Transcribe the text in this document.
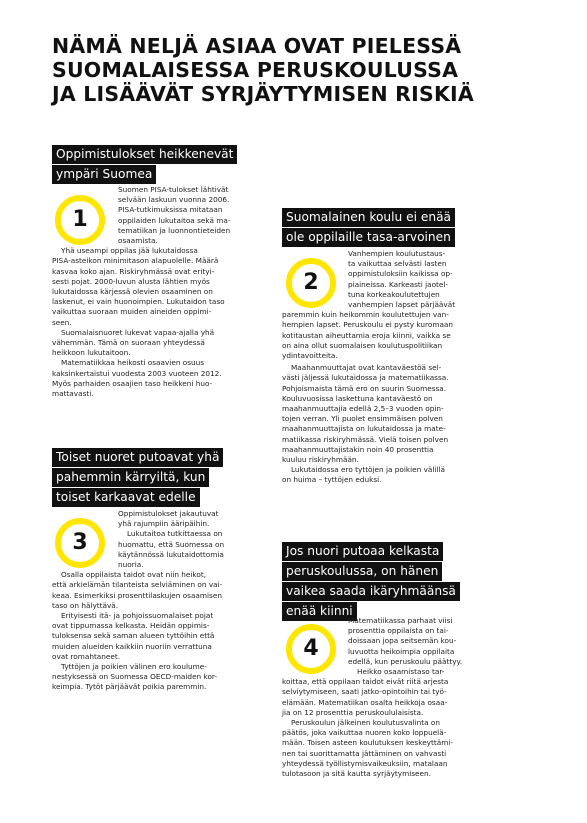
NÄMÄ NELJÄ ASIAA OVAT PIELESSÄ
SUOMALAISESSA PERUSKOULUSSA
JA LISÄÄVÄT SYRJÄYTYMISEN RISKIÄ
Oppimistulokset heikkenevät
ympäri Suomea
1

Suomen PISA-tulokset lähtivät
selvään laskuun vuonna 2006.
PISA-tutkimuksissa mitataan
oppilaiden lukutaitoa sekä ma-
tematiikan ja luonnontieteiden
osaamista.

Yhä useampi oppilas jää lukutaidossa
PISA-asteikon minimitason alapuolelle. Määrä
kasvaa koko ajan. Riskiryhmässä ovat erityi-
sesti pojat. 2000-luvun alusta lähtien myös
lukutaidossa kärjessä olevien osaaminen on
laskenut, ei vain huonoimpien. Lukutaidon taso
vaikuttaa suoraan muiden aineiden oppimi-
seen.

Suomalaisnuoret lukevat vapaa-ajalla yhä
vähemmän. Tämä on suoraan yhteydessä
heikkoon lukutaitoon.

Matematiikkaa heikosti osaavien osuus
kaksinkertaistui vuodesta 2003 vuoteen 2012.
Myös parhaiden osaajien taso heikkeni huo-
mattavasti.

Suomalainen koulu ei enää
ole oppilaille tasa-arvoinen
2

Vanhempien koulutustaus-
ta vaikuttaa selvästi lasten
oppimistuloksiin kaikissa op-
piaineissa. Karkeasti jaotel-
tuna korkeakoulutettujen
vanhempien lapset pärjäävät
paremmin kuin heikommin koulutettujen van-
hempien lapset. Peruskoulu ei pysty kuromaan
kotitaustan aiheuttamia eroja kiinni, vaikka se
on aina ollut suomalaisen koulutuspolitiikan
ydintavoitteita.

Maahanmuuttajat ovat kantaväestöä sel-
västi jäljessä lukutaidossa ja matematiikassa.
Pohjoismaista tämä ero on suurin Suomessa.
Kouluvuosissa laskettuna kantaväestö on
maahanmuuttajia edellä 2,5–3 vuoden opin-
tojen verran. Yli puolet ensimmäisen polven
maahanmuuttajista on lukutaidossa ja mate-
matiikassa riskiryhmässä. Vielä toisen polven
maahanmuuttajistakin noin 40 prosenttia
kuuluu riskiryhmään.

Lukutaidossa ero tyttöjen ja poikien välillä
on huima – tyttöjen eduksi.

Toiset nuoret putoavat yhä
pahemmin kärryiltä, kun
toiset karkaavat edelle
3

Oppimistulokset jakautuvat
yhä rajumpiin ääripäihin.

Lukutaitoa tutkittaessa on
huomattu, että Suomessa on
käytännössä lukutaidottomia
nuoria.

Osalla oppilaista taidot ovat niin heikot,
että arkielämän tilanteista selviäminen on vai-
keaa. Esimerkiksi prosenttilaskujen osaamisen
taso on hälyttävä.

Erityisesti itä- ja pohjoissuomalaiset pojat
ovat tippumassa kelkasta. Heidän oppimis-
tuloksensa sekä saman alueen tyttöihin että
muiden alueiden kaikkiin nuoriin verrattuna
ovat romahtaneet.

Tyttöjen ja poikien välinen ero koulume-
nestyksessä on Suomessa OECD-maiden kor-
keimpia. Tytöt pärjäävät poikia paremmin.

Jos nuori putoaa kelkasta
peruskoulussa, on hänen
vaikea saada ikäryhmäänsä
enää kiinni
4

Matematiikassa parhaat viisi
prosenttia oppilaista on tai-
doissaan jopa seitsemän kou-
luvuotta heikoimpia oppilaita
edellä, kun peruskoulu päättyy.

Heikko osaamistaso tar-
koittaa, että oppilaan taidot eivät riitä arjesta
selviytymiseen, saati jatko-opintoihin tai työ-
elämään. Matematiikan osalta heikkoja osaa-
jia on 12 prosenttia peruskoululaisista.

Peruskoulun jälkeinen koulutusvalinta on
päätös, joka vaikuttaa nuoren koko loppuelä-
mään. Toisen asteen koulutuksen keskeyttämi-
nen tai suorittamatta jättäminen on vahvasti
yhteydessä työllistymisvaikeuksiin, matalaan
tulotasoon ja sitä kautta syrjäytymiseen.
